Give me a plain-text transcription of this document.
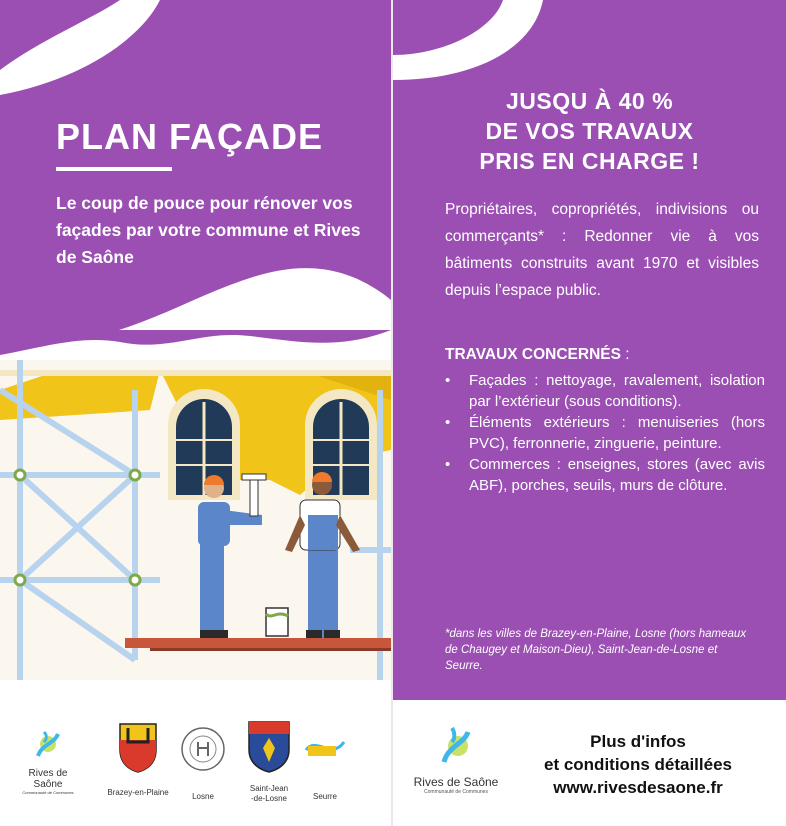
PLAN FAÇADE
Le coup de pouce pour rénover vos façades par votre commune et Rives de Saône
Rives de Saône
Communauté de Communes	Brazey-en-Plaine	Losne
Saint-Jean
-de-Losne	Seurre
JUSQU À 40 %
DE VOS TRAVAUX
PRIS EN CHARGE !
Propriétaires, copropriétés, indivisions ou commerçants* : Redonner vie à vos bâtiments construits avant 1970 et visibles depuis l’espace public.
TRAVAUX CONCERNÉS :
• Façades : nettoyage, ravalement, isolation par l’extérieur (sous conditions).
• Éléments extérieurs : menuiseries (hors PVC), ferronnerie, zinguerie, peinture.
• Commerces : enseignes, stores (avec avis ABF), porches, seuils, murs de clôture.
*dans les villes de Brazey-en-Plaine, Losne (hors hameaux de Chaugey et Maison-Dieu), Saint-Jean-de-Losne et Seurre.
Rives de Saône
Communauté de Communes
Plus d'infos
et conditions détaillées
www.rivesdesaone.fr
